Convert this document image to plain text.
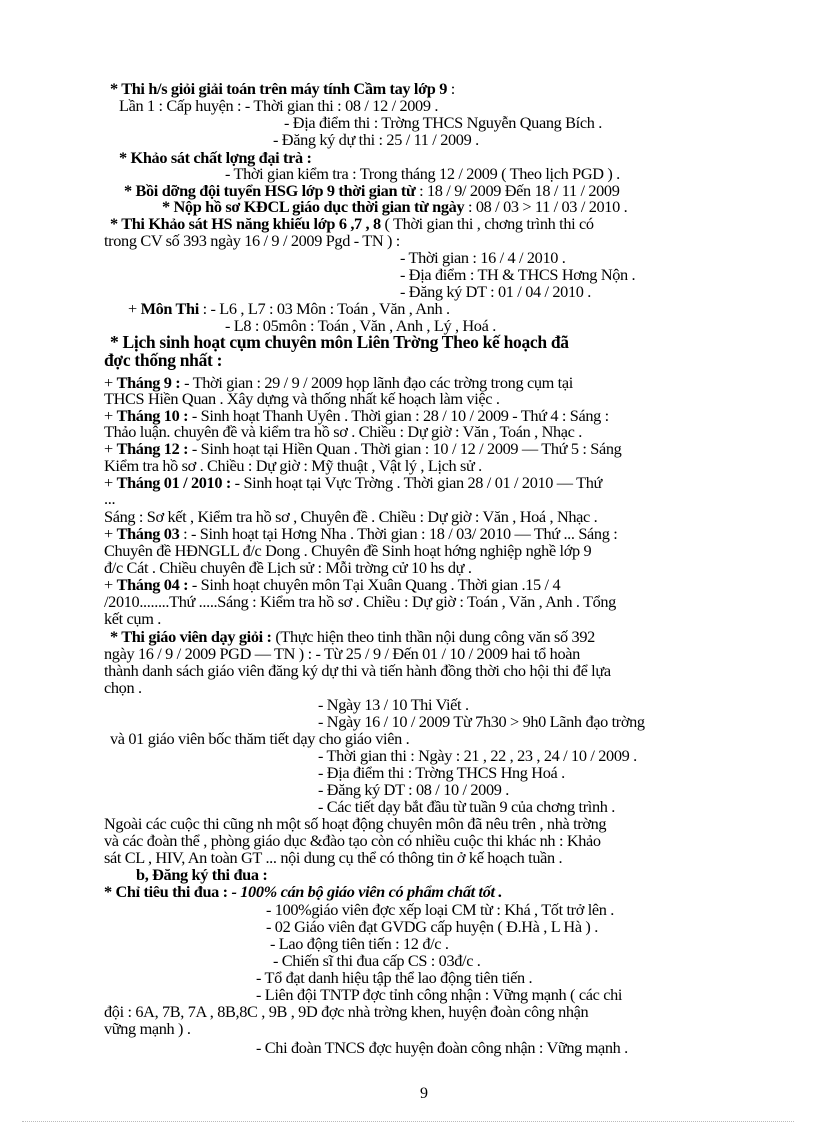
* Thi h/s giỏi giải toán trên máy tính Cầm tay lớp 9 :
Lần 1 : Cấp huyện : - Thời gian thi : 08 / 12 / 2009 .
- Địa điểm thi : Trờng THCS Nguyễn Quang Bích .
- Đăng ký dự thi : 25 / 11 / 2009 .
* Khảo sát chất lợng đại trà :
- Thời gian kiểm tra : Trong tháng 12 / 2009 ( Theo lịch PGD ) .
* Bồi dỡng đội tuyển HSG lớp 9 thời gian từ : 18 / 9/ 2009 Đến 18 / 11 / 2009
* Nộp hồ sơ KĐCL giáo dục thời gian từ ngày : 08 / 03 > 11 / 03 / 2010 .
* Thi Khảo sát HS năng khiếu lớp 6 ,7 , 8 ( Thời gian thi , chơng trình thi có
trong CV số 393 ngày 16 / 9 / 2009 Pgd - TN ) :
- Thời gian : 16 / 4 / 2010 .
- Địa điểm : TH & THCS Hơng Nộn .
- Đăng ký DT : 01 / 04 / 2010 .
+ Môn Thi : - L6 , L7 : 03 Môn : Toán , Văn , Anh .
- L8 : 05môn : Toán , Văn , Anh , Lý , Hoá .
* Lịch sinh hoạt cụm chuyên môn Liên Trờng Theo kế hoạch đã
đợc thống nhất :
+ Tháng 9 : - Thời gian : 29 / 9 / 2009 họp lãnh đạo các trờng trong cụm tại
THCS Hiền Quan . Xây dựng và thống nhất kế hoạch làm việc .
+ Tháng 10 : - Sinh hoạt Thanh Uyên . Thời gian : 28 / 10 / 2009 - Thứ 4 : Sáng :
Thảo luận. chuyên đề và kiểm tra hồ sơ . Chiều : Dự giờ : Văn , Toán , Nhạc .
+ Tháng 12 : - Sinh hoạt tại Hiền Quan . Thời gian : 10 / 12 / 2009 — Thứ 5 : Sáng
Kiểm tra hồ sơ . Chiều : Dự giờ : Mỹ thuật , Vật lý , Lịch sử .
+ Tháng 01 / 2010 : - Sinh hoạt tại Vực Trờng . Thời gian 28 / 01 / 2010 — Thứ
...
Sáng : Sơ kết , Kiểm tra hồ sơ , Chuyên đề . Chiều : Dự giờ : Văn , Hoá , Nhạc .
+ Tháng 03 : - Sinh hoạt tại Hơng Nha . Thời gian : 18 / 03/ 2010 — Thứ ... Sáng :
Chuyên đề HĐNGLL đ/c Dong . Chuyên đề Sinh hoạt hớng nghiệp nghề lớp 9
đ/c Cát . Chiều chuyên đề Lịch sử : Mỗi trờng cử 10 hs dự .
+ Tháng 04 : - Sinh hoạt chuyên môn Tại Xuân Quang . Thời gian .15 / 4
/2010........Thứ .....Sáng : Kiểm tra hồ sơ . Chiều : Dự giờ : Toán , Văn , Anh . Tổng
kết cụm .
* Thi giáo viên dạy giỏi : (Thực hiện theo tinh thần nội dung công văn số 392
ngày 16 / 9 / 2009 PGD — TN ) : - Từ 25 / 9 / Đến 01 / 10 / 2009 hai tổ hoàn
thành danh sách giáo viên đăng ký dự thi và tiến hành đồng thời cho hội thi để lựa
chọn .
- Ngày 13 / 10 Thi Viết .
- Ngày 16 / 10 / 2009 Từ 7h30 > 9h0 Lãnh đạo trờng
và 01 giáo viên bốc thăm tiết dạy cho giáo viên .
- Thời gian thi : Ngày : 21 , 22 , 23 , 24 / 10 / 2009 .
- Địa điểm thi : Trờng THCS Hng Hoá .
- Đăng ký DT : 08 / 10 / 2009 .
- Các tiết dạy bắt đầu từ tuần 9 của chơng trình .
Ngoài các cuộc thi cũng nh một số hoạt động chuyên môn đã nêu trên , nhà trờng
và các đoàn thể , phòng giáo dục &đào tạo còn có nhiều cuộc thi khác nh : Khảo
sát CL , HIV, An toàn GT ... nội dung cụ thể có thông tin ở kế hoạch tuần .
b, Đăng ký thi đua :
* Chỉ tiêu thi đua : - 100% cán bộ giáo viên có phẩm chất tốt .
- 100%giáo viên đợc xếp loại CM từ : Khá , Tốt trở lên .
- 02 Giáo viên đạt GVDG cấp huyện ( Đ.Hà , L Hà ) .
- Lao động tiên tiến : 12 đ/c .
- Chiến sĩ thi đua cấp CS : 03đ/c .
- Tổ đạt danh hiệu tập thể lao động tiên tiến .
- Liên đội TNTP đợc tỉnh công nhận : Vững mạnh ( các chi
đội : 6A, 7B, 7A , 8B,8C , 9B , 9D đợc nhà trờng khen, huyện đoàn công nhận
vững mạnh ) .
- Chi đoàn TNCS đợc huyện đoàn công nhận : Vững mạnh .
9
